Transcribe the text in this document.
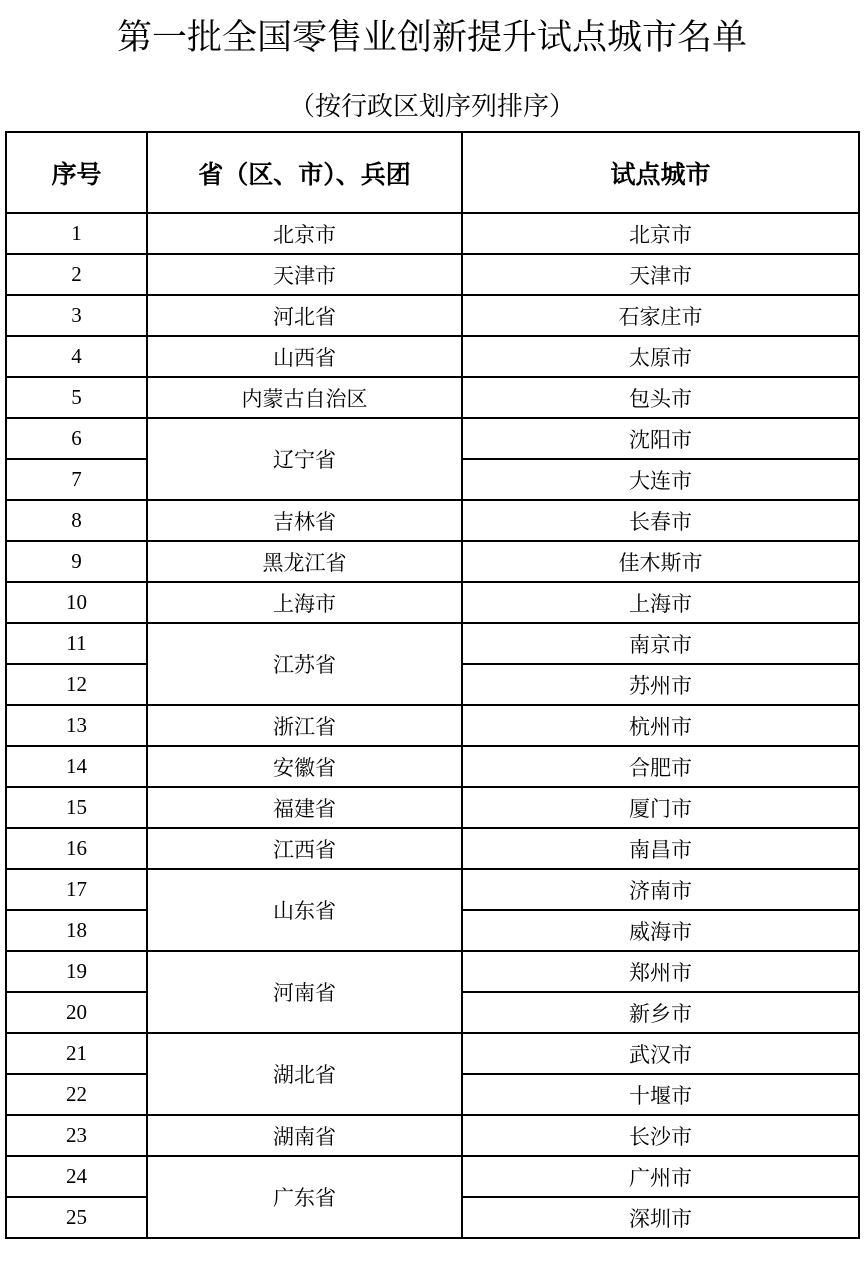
第一批全国零售业创新提升试点城市名单
（按行政区划序列排序）
序号	省（区、市）、兵团	试点城市
1	北京市	北京市
2	天津市	天津市
3	河北省	石家庄市
4	山西省	太原市
5	内蒙古自治区	包头市
6	辽宁省	沈阳市
7		大连市
8	吉林省	长春市
9	黑龙江省	佳木斯市
10	上海市	上海市
11	江苏省	南京市
12		苏州市
13	浙江省	杭州市
14	安徽省	合肥市
15	福建省	厦门市
16	江西省	南昌市
17	山东省	济南市
18		威海市
19	河南省	郑州市
20		新乡市
21	湖北省	武汉市
22		十堰市
23	湖南省	长沙市
24	广东省	广州市
25		深圳市
